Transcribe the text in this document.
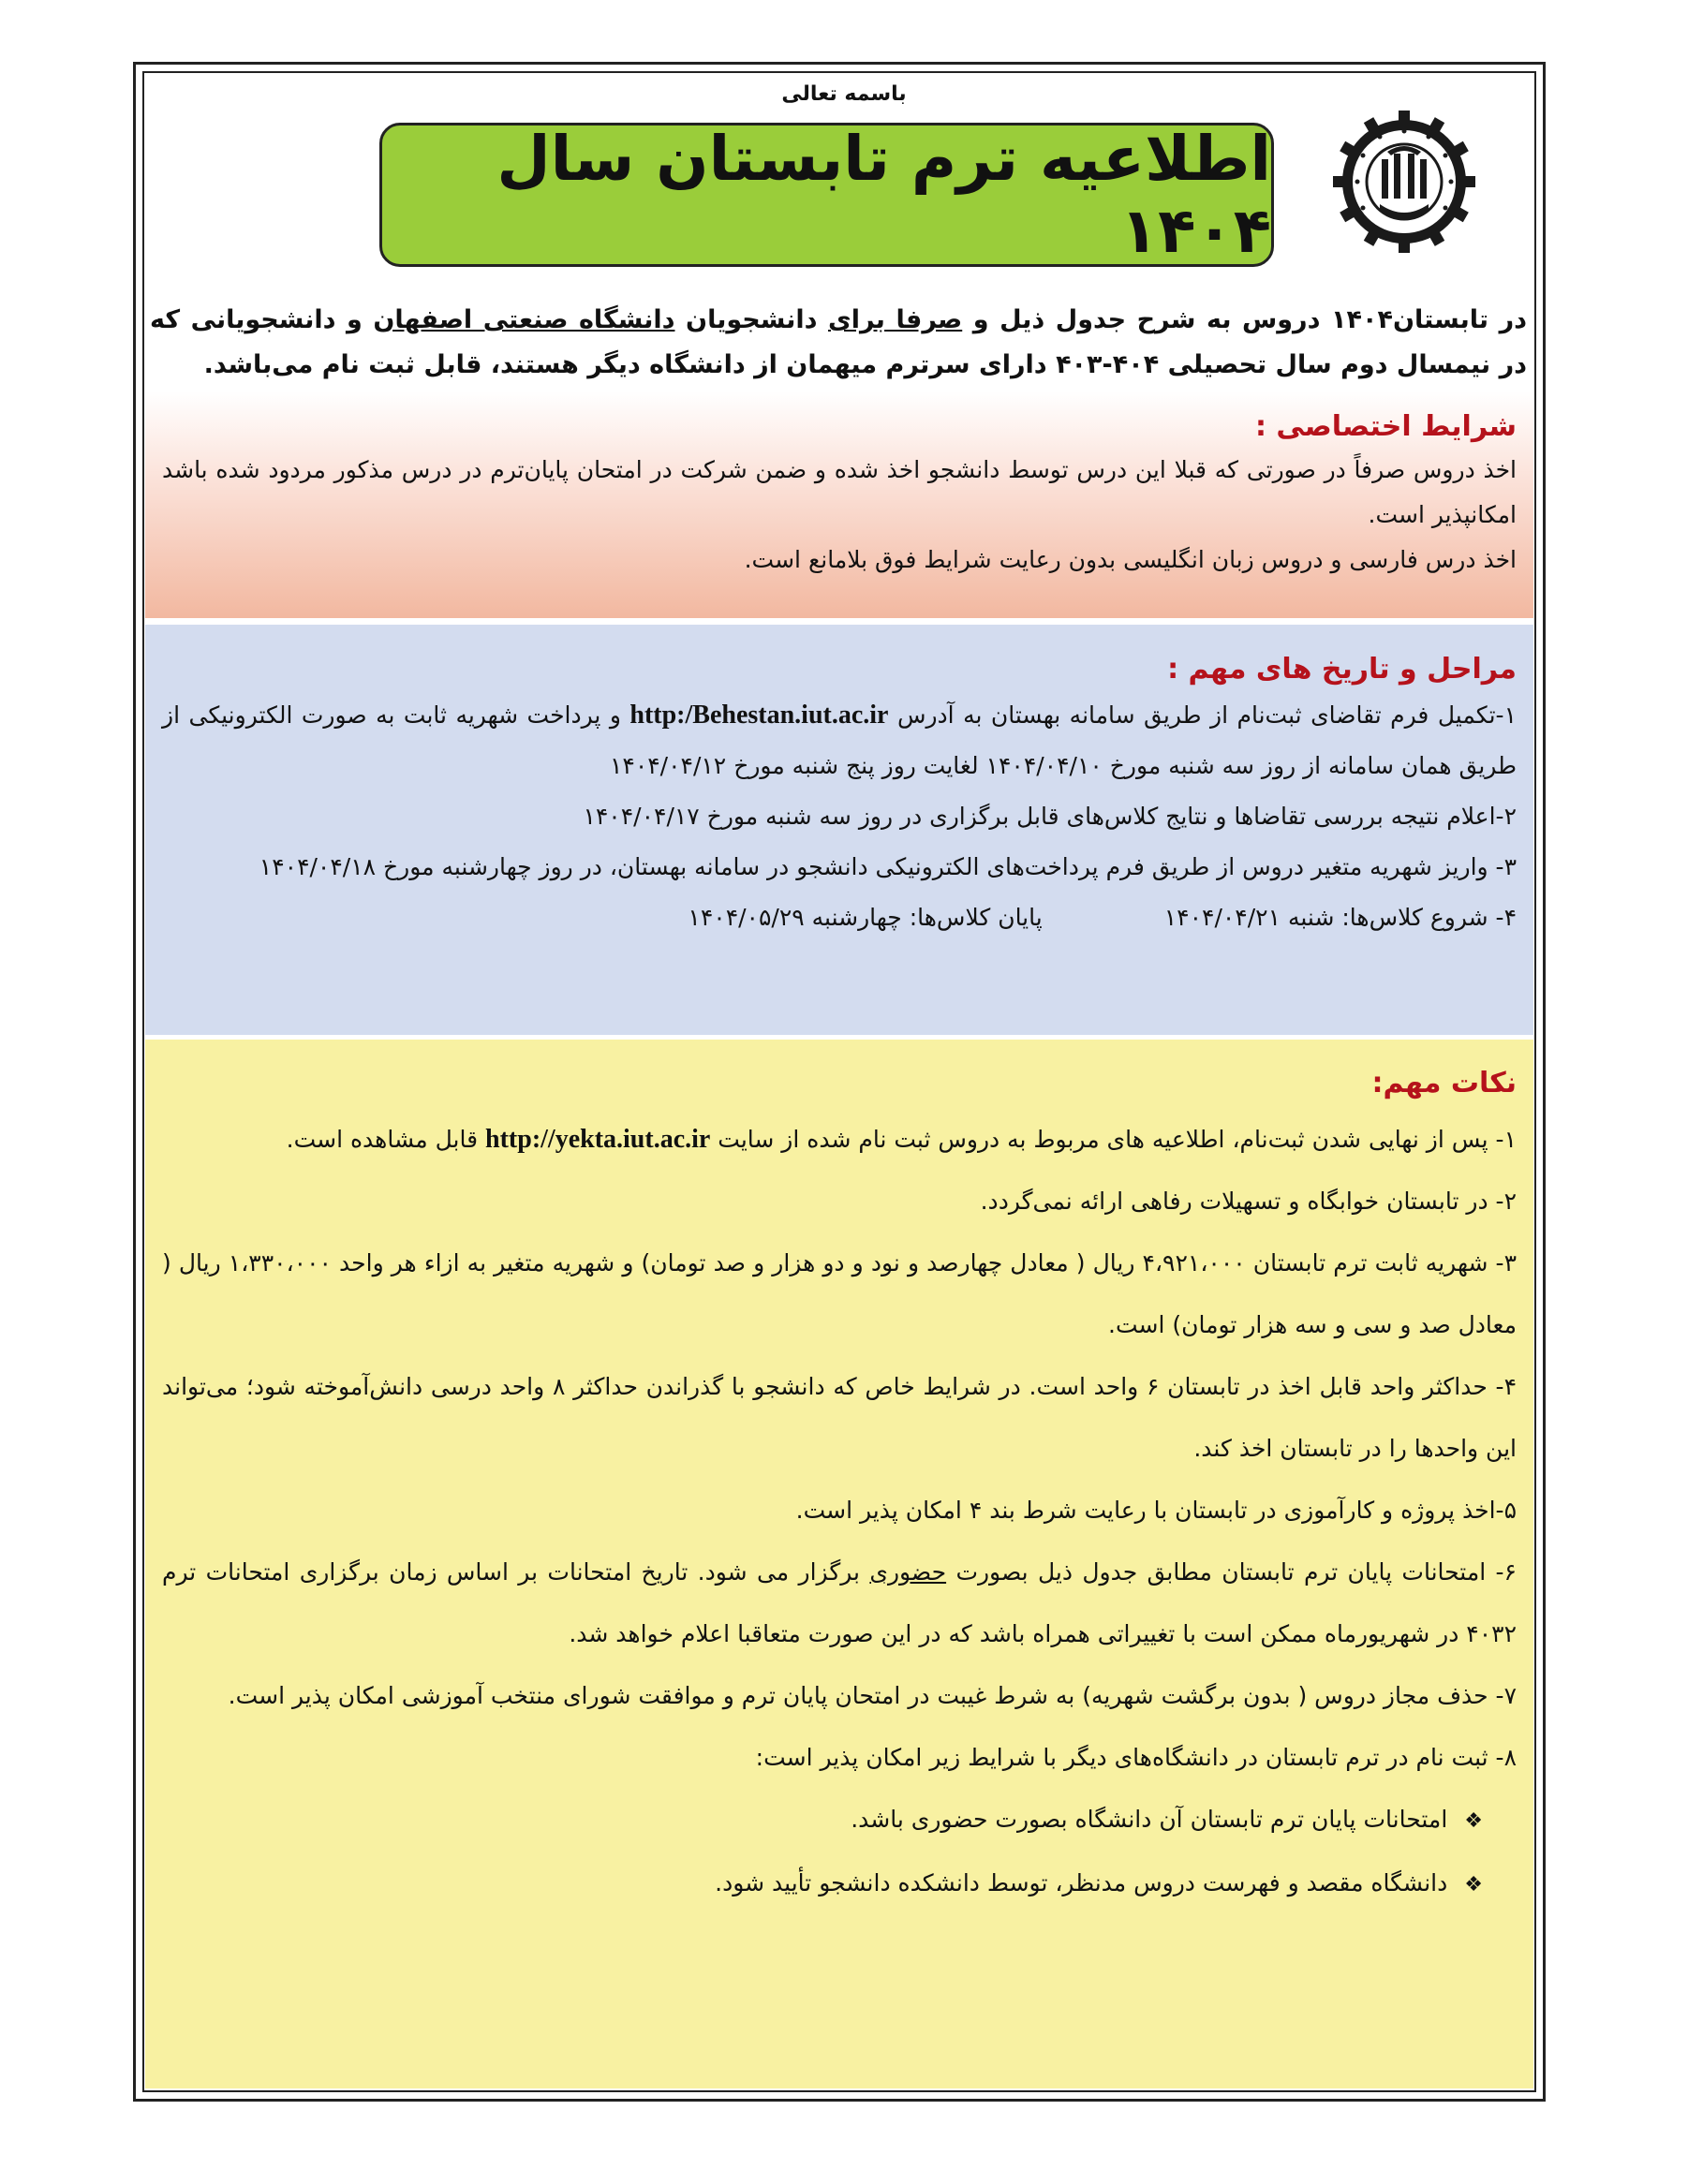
باسمه تعالی
اطلاعیه ترم تابستان سال ۱۴۰۴

در تابستان۱۴۰۴ دروس به شرح جدول ذیل و صرفا برای دانشجویان دانشگاه صنعتی اصفهان و دانشجویانی که در نیمسال دوم سال تحصیلی ۴۰۴-۴۰۳ دارای سرترم میهمان از دانشگاه دیگر هستند، قابل ثبت نام می‌باشد.

شرایط اختصاصی :

اخذ دروس صرفاً در صورتی که قبلا این درس توسط دانشجو اخذ شده و ضمن شرکت در امتحان پایان‌ترم در درس مذکور مردود شده باشد امکانپذیر است.

اخذ درس فارسی و دروس زبان انگلیسی بدون رعایت شرایط فوق بلامانع است.

مراحل و تاریخ های مهم :

۱-تکمیل فرم تقاضای ثبت‌نام از طریق سامانه بهستان به آدرس http:/Behestan.iut.ac.ir و پرداخت شهریه ثابت به صورت الکترونیکی از طریق همان سامانه از روز سه شنبه مورخ ۱۴۰۴/۰۴/۱۰ لغایت روز پنج شنبه مورخ ۱۴۰۴/۰۴/۱۲

۲-اعلام نتیجه بررسی تقاضاها و نتایج کلاس‌های قابل برگزاری در روز سه شنبه مورخ ۱۴۰۴/۰۴/۱۷

۳- واریز شهریه متغیر دروس از طریق فرم پرداخت‌های الکترونیکی دانشجو در سامانه بهستان، در روز چهارشنبه مورخ ۱۴۰۴/۰۴/۱۸

۴- شروع کلاس‌ها: شنبه ۱۴۰۴/۰۴/۲۱
پایان کلاس‌ها: چهارشنبه ۱۴۰۴/۰۵/۲۹

نکات مهم:

۱- پس از نهایی شدن ثبت‌نام، اطلاعیه های مربوط به دروس ثبت نام شده از سایت http://yekta.iut.ac.ir قابل مشاهده است.

۲- در تابستان خوابگاه و تسهیلات رفاهی ارائه نمی‌گردد.

۳- شهریه ثابت ترم تابستان ۴،۹۲۱،۰۰۰ ریال ( معادل چهارصد و نود و دو هزار و صد تومان) و شهریه متغیر به ازاء هر واحد ۱،۳۳۰،۰۰۰ ریال ( معادل صد و سی و سه هزار تومان) است.

۴- حداکثر واحد قابل اخذ در تابستان ۶ واحد است. در شرایط خاص که دانشجو با گذراندن حداکثر ۸ واحد درسی دانش‌آموخته شود؛ می‌تواند این واحدها را در تابستان اخذ کند.

۵-اخذ پروژه و کارآموزی در تابستان با رعایت شرط بند ۴ امکان پذیر است.

۶- امتحانات پایان ترم تابستان مطابق جدول ذیل بصورت حضوری برگزار می شود. تاریخ امتحانات بر اساس زمان برگزاری امتحانات ترم ۴۰۳۲ در شهریورماه ممکن است با تغییراتی همراه باشد که در این صورت متعاقبا اعلام خواهد شد.

۷- حذف مجاز دروس ( بدون برگشت شهریه) به شرط غیبت در امتحان پایان ترم و موافقت شورای منتخب آموزشی امکان پذیر است.

۸- ثبت نام در ترم تابستان در دانشگاه‌های دیگر با شرایط زیر امکان پذیر است:

❖امتحانات پایان ترم تابستان آن دانشگاه بصورت حضوری باشد.

❖دانشگاه مقصد و فهرست دروس مدنظر، توسط دانشکده دانشجو تأیید شود.
